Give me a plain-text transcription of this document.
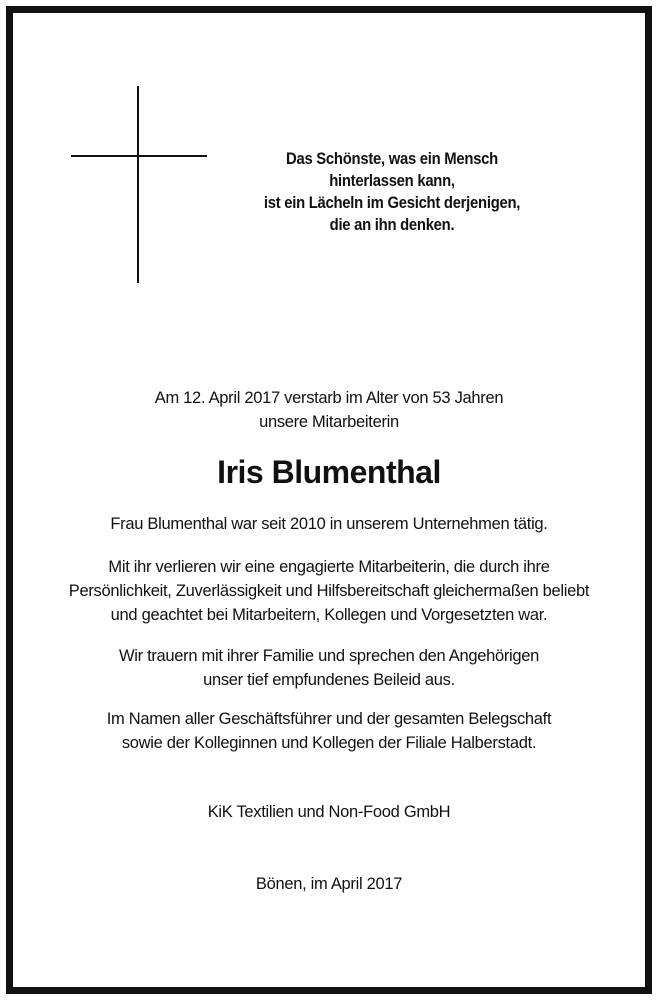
Das Schönste, was ein Mensch
hinterlassen kann,
ist ein Lächeln im Gesicht derjenigen,
die an ihn denken.
Am 12. April 2017 verstarb im Alter von 53 Jahren
unsere Mitarbeiterin
Iris Blumenthal
Frau Blumenthal war seit 2010 in unserem Unternehmen tätig.
Mit ihr verlieren wir eine engagierte Mitarbeiterin, die durch ihre
Persönlichkeit, Zuverlässigkeit und Hilfsbereitschaft gleichermaßen beliebt
und geachtet bei Mitarbeitern, Kollegen und Vorgesetzten war.
Wir trauern mit ihrer Familie und sprechen den Angehörigen
unser tief empfundenes Beileid aus.
Im Namen aller Geschäftsführer und der gesamten Belegschaft
sowie der Kolleginnen und Kollegen der Filiale Halberstadt.
KiK Textilien und Non-Food GmbH
Bönen, im April 2017
